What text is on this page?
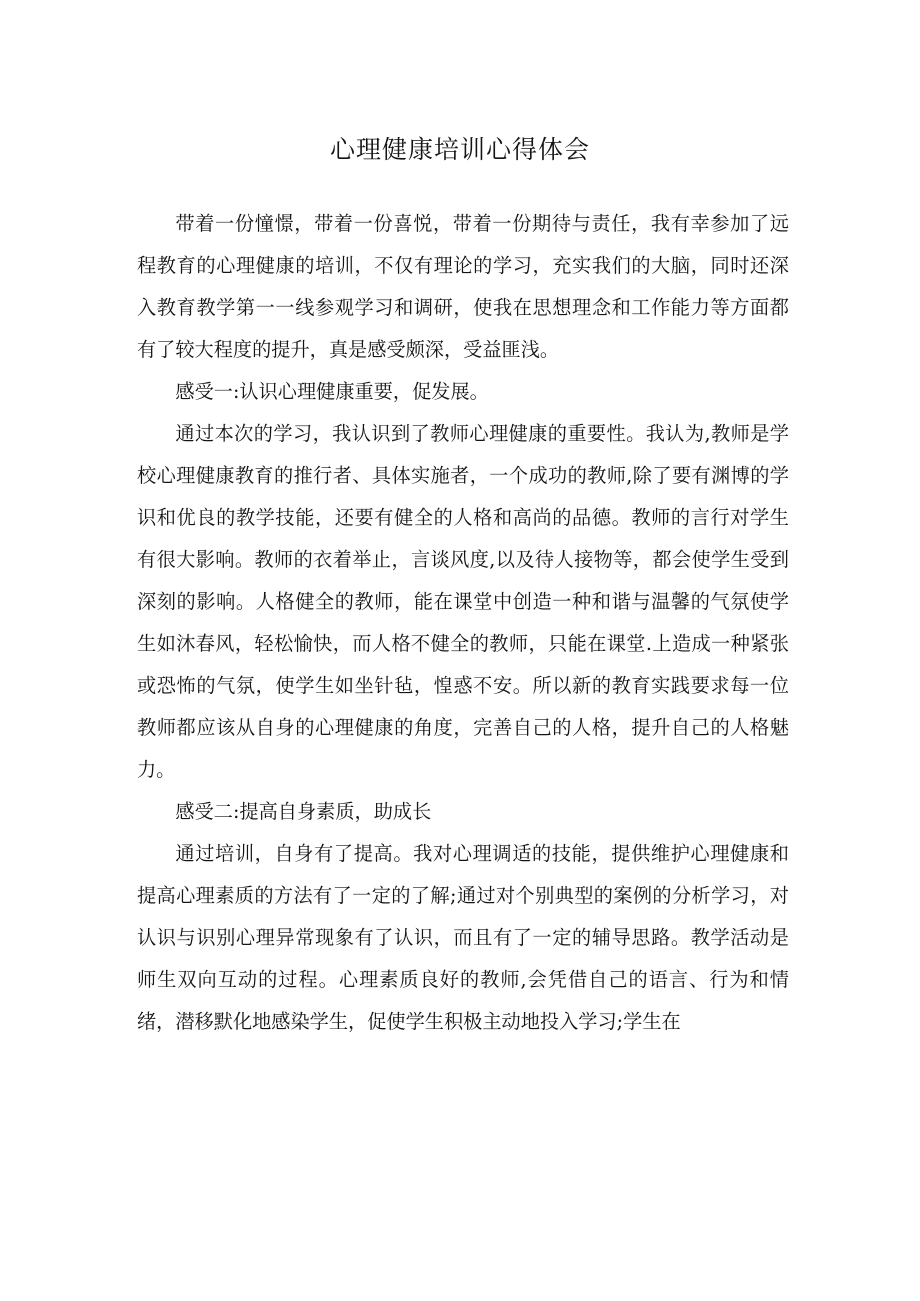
心理健康培训心得体会

带着一份憧憬，带着一份喜悦，带着一份期待与责任，我有幸参加了远程教育的心理健康的培训，不仅有理论的学习，充实我们的大脑，同时还深入教育教学第一一线参观学习和调研，使我在思想理念和工作能力等方面都有了较大程度的提升，真是感受颇深，受益匪浅。

感受一:认识心理健康重要，促发展。

通过本次的学习，我认识到了教师心理健康的重要性。我认为,教师是学校心理健康教育的推行者、具体实施者，一个成功的教师,除了要有渊博的学识和优良的教学技能，还要有健全的人格和高尚的品德。教师的言行对学生有很大影响。教师的衣着举止，言谈风度,以及待人接物等，都会使学生受到深刻的影响。人格健全的教师，能在课堂中创造一种和谐与温馨的气氛使学生如沐春风，轻松愉快，而人格不健全的教师，只能在课堂.上造成一种紧张或恐怖的气氛，使学生如坐针毡，惶惑不安。所以新的教育实践要求每一位教师都应该从自身的心理健康的角度，完善自己的人格，提升自己的人格魅力。

感受二:提高自身素质，助成长

通过培训，自身有了提高。我对心理调适的技能，提供维护心理健康和提高心理素质的方法有了一定的了解;通过对个别典型的案例的分析学习，对认识与识别心理异常现象有了认识，而且有了一定的辅导思路。教学活动是师生双向互动的过程。心理素质良好的教师,会凭借自己的语言、行为和情绪，潜移默化地感染学生，促使学生积极主动地投入学习;学生在
